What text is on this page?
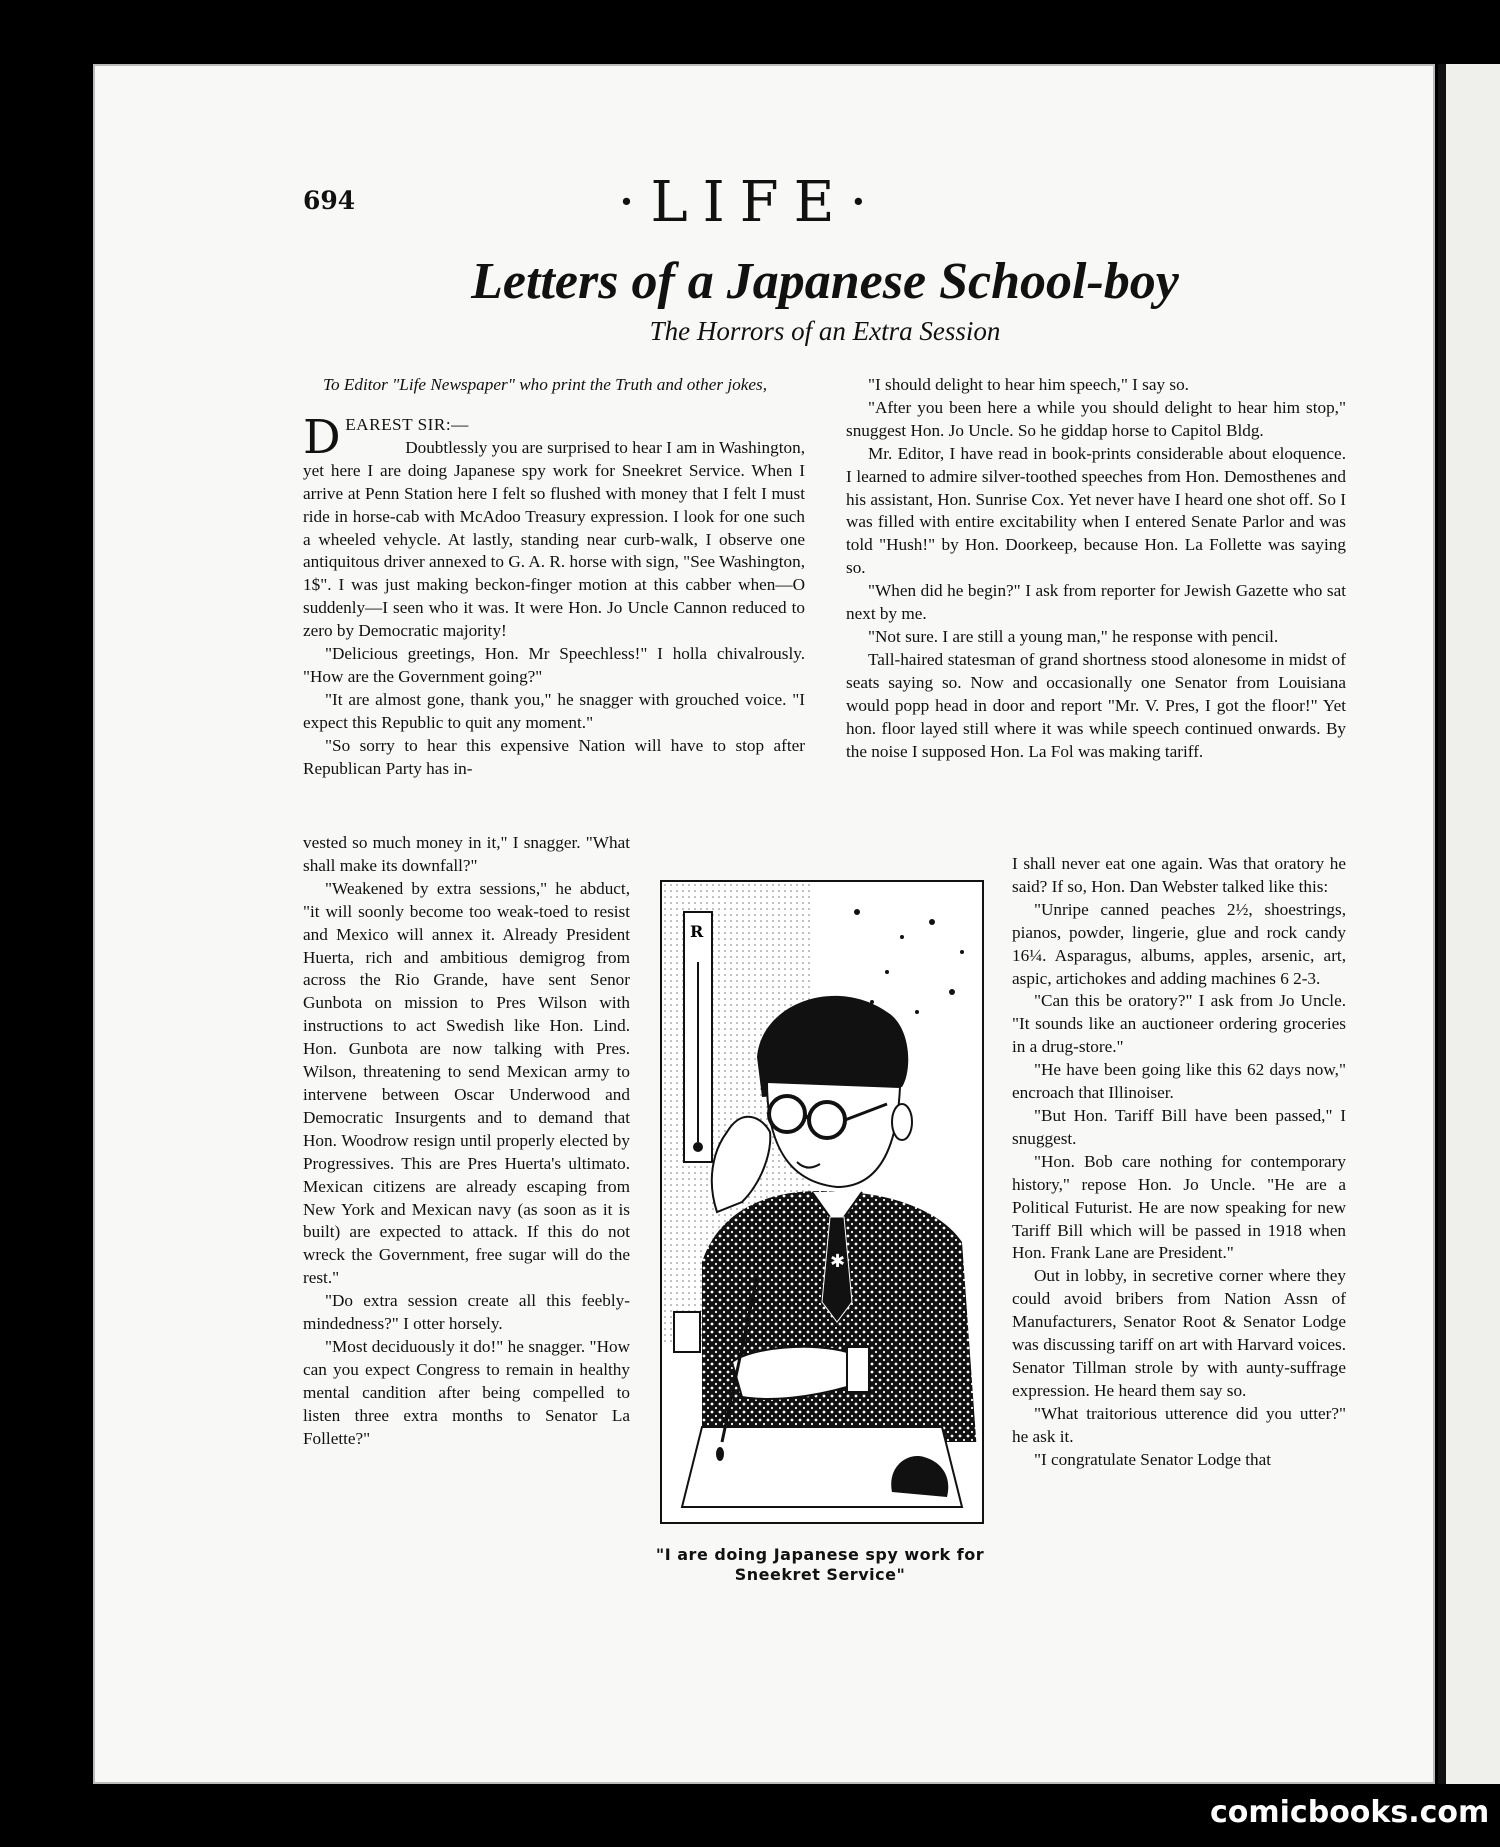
694	·LIFE·
Letters of a Japanese School-boy
The Horrors of an Extra Session

To Editor "Life Newspaper" who print the Truth and other jokes,

DEAREST SIR:—

Doubtlessly you are surprised to hear I am in Washington, yet here I are doing Japanese spy work for Sneekret Service. When I arrive at Penn Station here I felt so flushed with money that I felt I must ride in horse-cab with McAdoo Treasury expression. I look for one such a wheeled vehycle. At lastly, standing near curb-walk, I observe one antiquitous driver annexed to G. A. R. horse with sign, "See Washington, 1$". I was just making beckon-finger motion at this cabber when—O suddenly—I seen who it was. It were Hon. Jo Uncle Cannon reduced to zero by Democratic majority!

"Delicious greetings, Hon. Mr Speechless!" I holla chivalrously. "How are the Government going?"

"It are almost gone, thank you," he snagger with grouched voice. "I expect this Republic to quit any moment."

"So sorry to hear this expensive Nation will have to stop after Republican Party has in-

vested so much money in it," I snagger. "What shall make its downfall?"

"Weakened by extra sessions," he abduct, "it will soonly become too weak-toed to resist and Mexico will annex it. Already President Huerta, rich and ambitious demigrog from across the Rio Grande, have sent Senor Gunbota on mission to Pres Wilson with instructions to act Swedish like Hon. Lind. Hon. Gunbota are now talking with Pres. Wilson, threatening to send Mexican army to intervene between Oscar Underwood and Democratic Insurgents and to demand that Hon. Woodrow resign until properly elected by Progressives. This are Pres Huerta's ultimato. Mexican citizens are already escaping from New York and Mexican navy (as soon as it is built) are expected to attack. If this do not wreck the Government, free sugar will do the rest."

"Do extra session create all this feebly-mindedness?" I otter horsely.

"Most deciduously it do!" he snagger. "How can you expect Congress to remain in healthy mental candition after being compelled to listen three extra months to Senator La Follette?"

"I should delight to hear him speech," I say so.

"After you been here a while you should delight to hear him stop," snuggest Hon. Jo Uncle. So he giddap horse to Capitol Bldg.

Mr. Editor, I have read in book-prints considerable about eloquence. I learned to admire silver-toothed speeches from Hon. Demosthenes and his assistant, Hon. Sunrise Cox. Yet never have I heard one shot off. So I was filled with entire excitability when I entered Senate Parlor and was told "Hush!" by Hon. Doorkeep, because Hon. La Follette was saying so.

"When did he begin?" I ask from reporter for Jewish Gazette who sat next by me.

"Not sure. I are still a young man," he response with pencil.

Tall-haired statesman of grand shortness stood alonesome in midst of seats saying so. Now and occasionally one Senator from Louisiana would popp head in door and report "Mr. V. Pres, I got the floor!" Yet hon. floor layed still where it was while speech continued onwards. By the noise I supposed Hon. La Fol was making tariff.

I shall never eat one again. Was that oratory he said? If so, Hon. Dan Webster talked like this:

"Unripe canned peaches 2½, shoestrings, pianos, powder, lingerie, glue and rock candy 16¼. Asparagus, albums, apples, arsenic, art, aspic, artichokes and adding machines 6 2-3.

"Can this be oratory?" I ask from Jo Uncle. "It sounds like an auctioneer ordering groceries in a drug-store."

"He have been going like this 62 days now," encroach that Illinoiser.

"But Hon. Tariff Bill have been passed," I snuggest.

"Hon. Bob care nothing for contemporary history," repose Hon. Jo Uncle. "He are a Political Futurist. He are now speaking for new Tariff Bill which will be passed in 1918 when Hon. Frank Lane are President."

Out in lobby, in secretive corner where they could avoid bribers from Nation Assn of Manufacturers, Senator Root & Senator Lodge was discussing tariff on art with Harvard voices. Senator Tillman strole by with aunty-suffrage expression. He heard them say so.

"What traitorious utterence did you utter?" he ask it.

"I congratulate Senator Lodge that

R
✱
"I are doing Japanese spy work for Sneekret Service"
comicbooks.com
